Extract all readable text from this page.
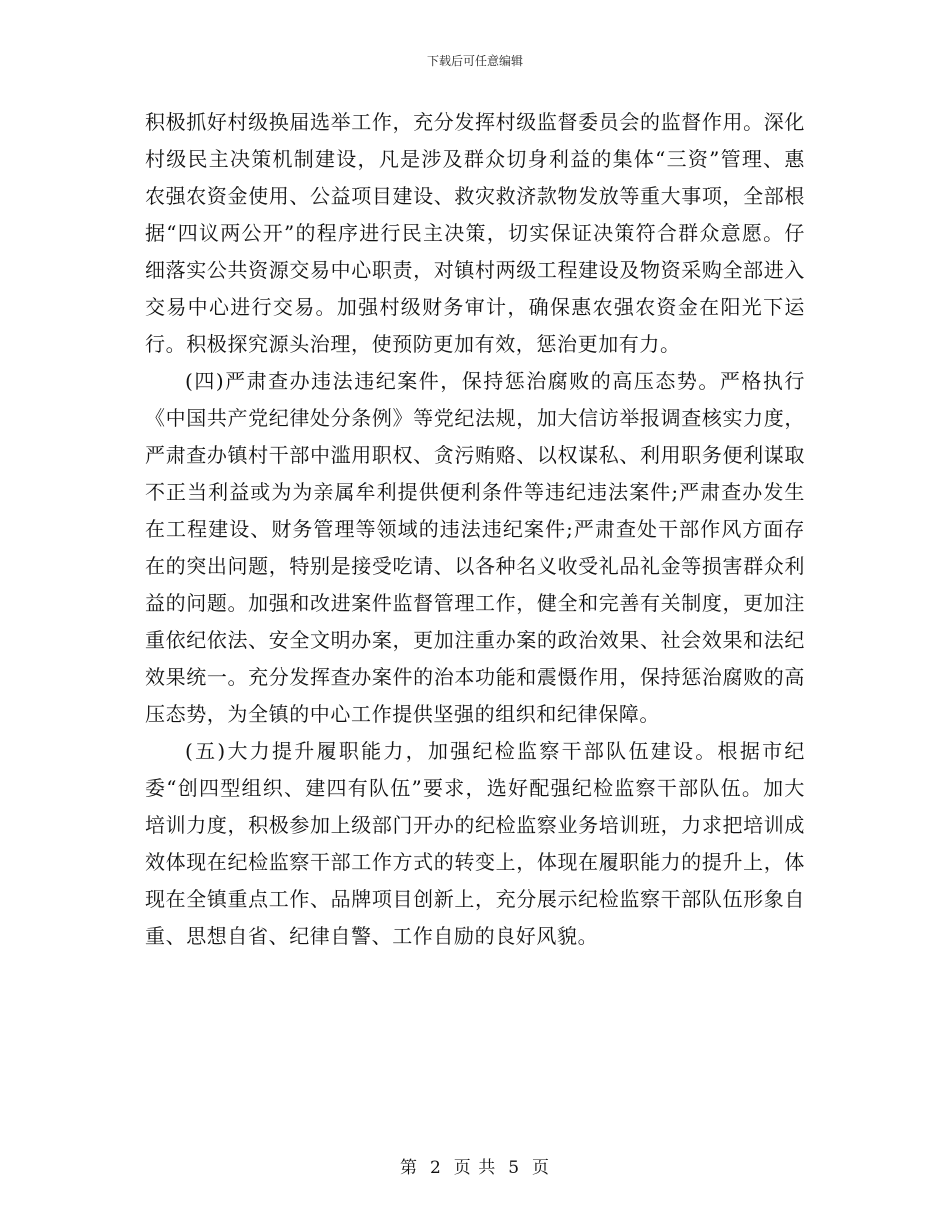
下载后可任意编辑

积极抓好村级换届选举工作，充分发挥村级监督委员会的监督作用。深化村级民主决策机制建设，凡是涉及群众切身利益的集体“三资”管理、惠农强农资金使用、公益项目建设、救灾救济款物发放等重大事项，全部根据“四议两公开”的程序进行民主决策，切实保证决策符合群众意愿。仔细落实公共资源交易中心职责，对镇村两级工程建设及物资采购全部进入交易中心进行交易。加强村级财务审计，确保惠农强农资金在阳光下运行。积极探究源头治理，使预防更加有效，惩治更加有力。

(四)严肃查办违法违纪案件，保持惩治腐败的高压态势。严格执行《中国共产党纪律处分条例》等党纪法规，加大信访举报调查核实力度，严肃查办镇村干部中滥用职权、贪污贿赂、以权谋私、利用职务便利谋取不正当利益或为为亲属牟利提供便利条件等违纪违法案件;严肃查办发生在工程建设、财务管理等领域的违法违纪案件;严肃查处干部作风方面存在的突出问题，特别是接受吃请、以各种名义收受礼品礼金等损害群众利益的问题。加强和改进案件监督管理工作，健全和完善有关制度，更加注重依纪依法、安全文明办案，更加注重办案的政治效果、社会效果和法纪效果统一。充分发挥查办案件的治本功能和震慑作用，保持惩治腐败的高压态势，为全镇的中心工作提供坚强的组织和纪律保障。

(五)大力提升履职能力，加强纪检监察干部队伍建设。根据市纪委“创四型组织、建四有队伍”要求，选好配强纪检监察干部队伍。加大培训力度，积极参加上级部门开办的纪检监察业务培训班，力求把培训成效体现在纪检监察干部工作方式的转变上，体现在履职能力的提升上，体现在全镇重点工作、品牌项目创新上，充分展示纪检监察干部队伍形象自重、思想自省、纪律自警、工作自励的良好风貌。

第 2 页 共 5 页
